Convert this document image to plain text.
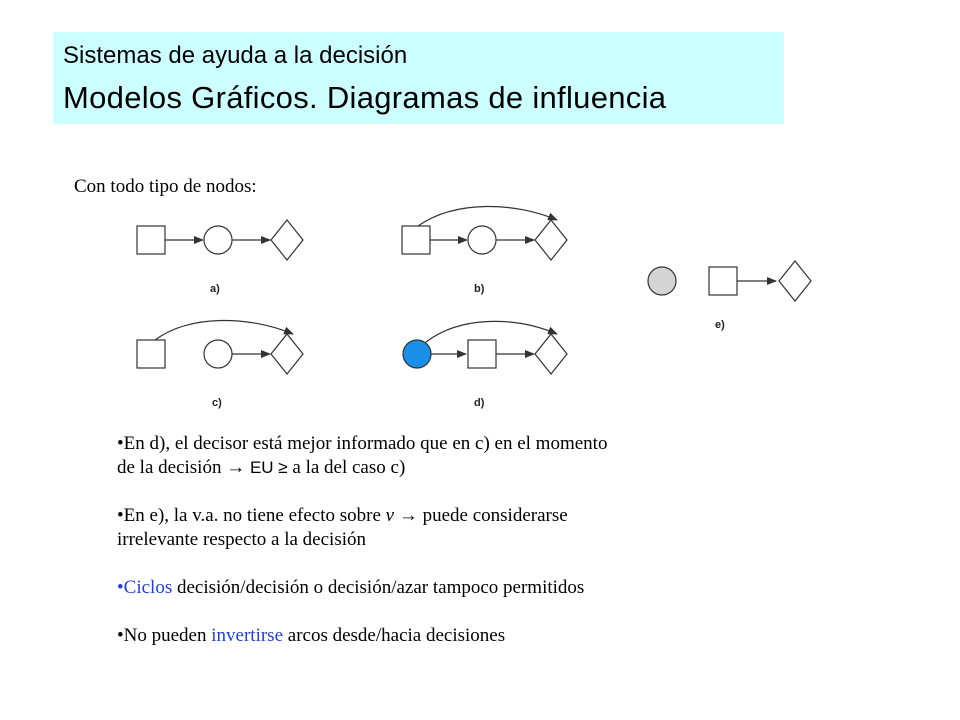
Sistemas de ayuda a la decisión
Modelos Gráficos. Diagramas de influencia
Con todo tipo de nodos:
a)	b)
c)	d)
e)
•En d), el decisor está mejor informado que en c) en el momento
de la decisión → EU ≥ a la del caso c)
•En e), la v.a. no tiene efecto sobre v → puede considerarse
irrelevante respecto a la decisión
•Ciclos decisión/decisión o decisión/azar tampoco permitidos
•No pueden invertirse arcos desde/hacia decisiones
